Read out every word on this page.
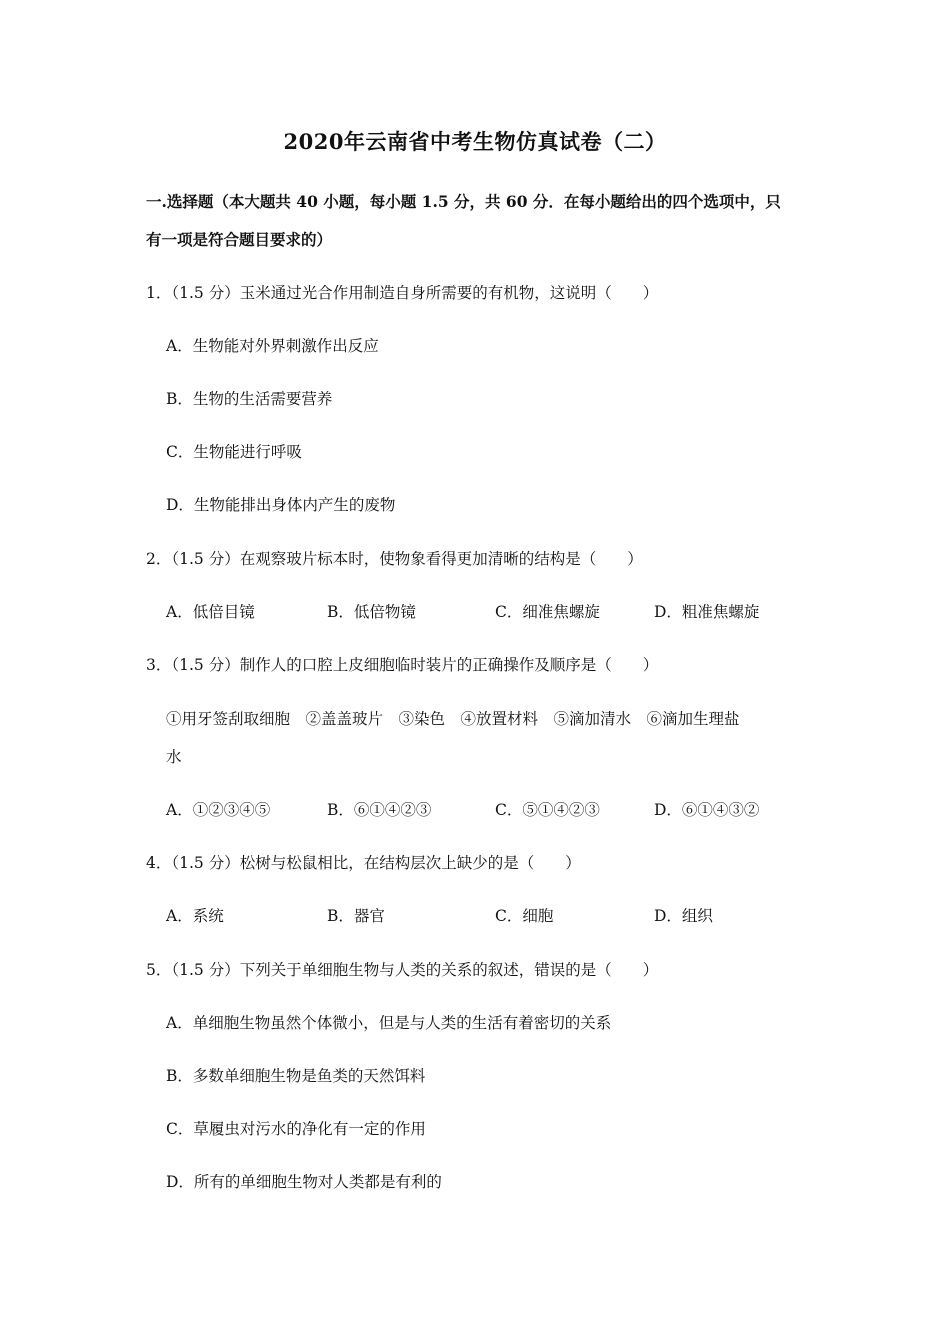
2020年云南省中考生物仿真试卷（二）
一.选择题（本大题共 40 小题，每小题 1.5 分，共 60 分．在每小题给出的四个选项中，只
有一项是符合题目要求的）
1．（1.5 分）玉米通过光合作用制造自身所需要的有机物，这说明（　　）
A．生物能对外界刺激作出反应
B．生物的生活需要营养
C．生物能进行呼吸
D．生物能排出身体内产生的废物
2．（1.5 分）在观察玻片标本时，使物象看得更加清晰的结构是（　　）
A．低倍目镜	B．低倍物镜	C．细准焦螺旋	D．粗准焦螺旋
3．（1.5 分）制作人的口腔上皮细胞临时装片的正确操作及顺序是（　　）
①用牙签刮取细胞　②盖盖玻片　③染色　④放置材料　⑤滴加清水　⑥滴加生理盐
水
A．①②③④⑤	B．⑥①④②③	C．⑤①④②③	D．⑥①④③②
4．（1.5 分）松树与松鼠相比，在结构层次上缺少的是（　　）
A．系统	B．器官	C．细胞	D．组织
5．（1.5 分）下列关于单细胞生物与人类的关系的叙述，错误的是（　　）
A．单细胞生物虽然个体微小，但是与人类的生活有着密切的关系
B．多数单细胞生物是鱼类的天然饵料
C．草履虫对污水的净化有一定的作用
D．所有的单细胞生物对人类都是有利的
